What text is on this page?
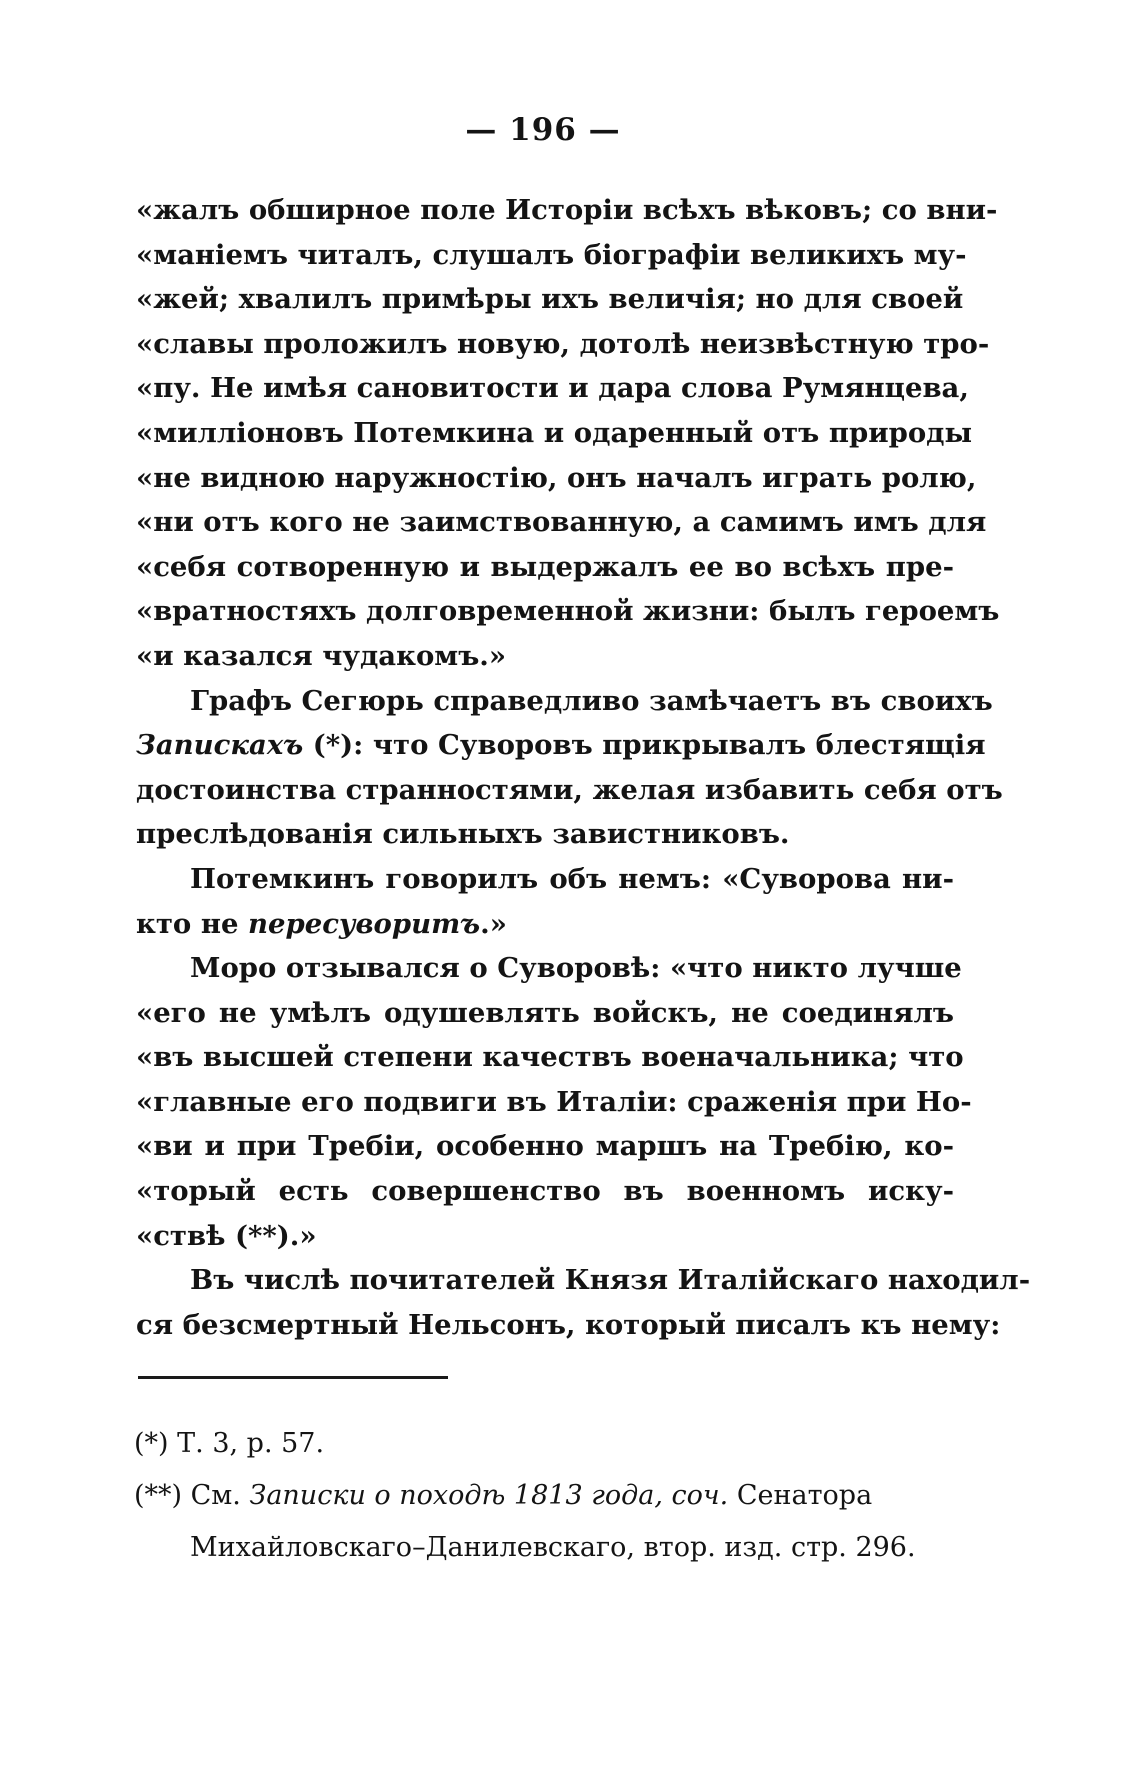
— 196 —
«жалъ обширное поле Исторiи всѣхъ вѣковъ; со вни-
«манiемъ читалъ, слушалъ бiографiи великихъ му-
«жей; хвалилъ примѣры ихъ величiя; но для своей
«славы проложилъ новую, дотолѣ неизвѣстную тро-
«пу. Не имѣя сановитости и дара слова Румянцева,
«миллiоновъ Потемкина и одаренный отъ природы
«не видною наружностiю, онъ началъ играть ролю,
«ни отъ кого не заимствованную, а самимъ имъ для
«себя сотворенную и выдержалъ ее во всѣхъ пре-
«вратностяхъ долговременной жизни: былъ героемъ
«и казался чудакомъ.»
Графъ Сегюрь справедливо замѣчаетъ въ своихъ
Запискахъ (*): что Суворовъ прикрывалъ блестящiя
достоинства странностями, желая избавить себя отъ
преслѣдованiя сильныхъ завистниковъ.
Потемкинъ говорилъ объ немъ: «Суворова ни-
кто не пересуворитъ.»
Моро отзывался о Суворовѣ: «что никто лучше
«его не умѣлъ одушевлять войскъ, не соединялъ
«въ высшей степени качествъ военачальника; что
«главные его подвиги въ Италiи: сраженiя при Но-
«ви и при Требiи, особенно маршъ на Требiю, ко-
«торый есть совершенство въ военномъ иску-
«ствѣ (**).»
Въ числѣ почитателей Князя Италiйскаго находил-
ся безсмертный Нельсонъ, который писалъ къ нему:
(*) Т. 3, р. 57.
(**) См. Записки о походѣ 1813 года, соч. Сенатора
Михайловскаго–Данилевскаго, втор. изд. стр. 296.
